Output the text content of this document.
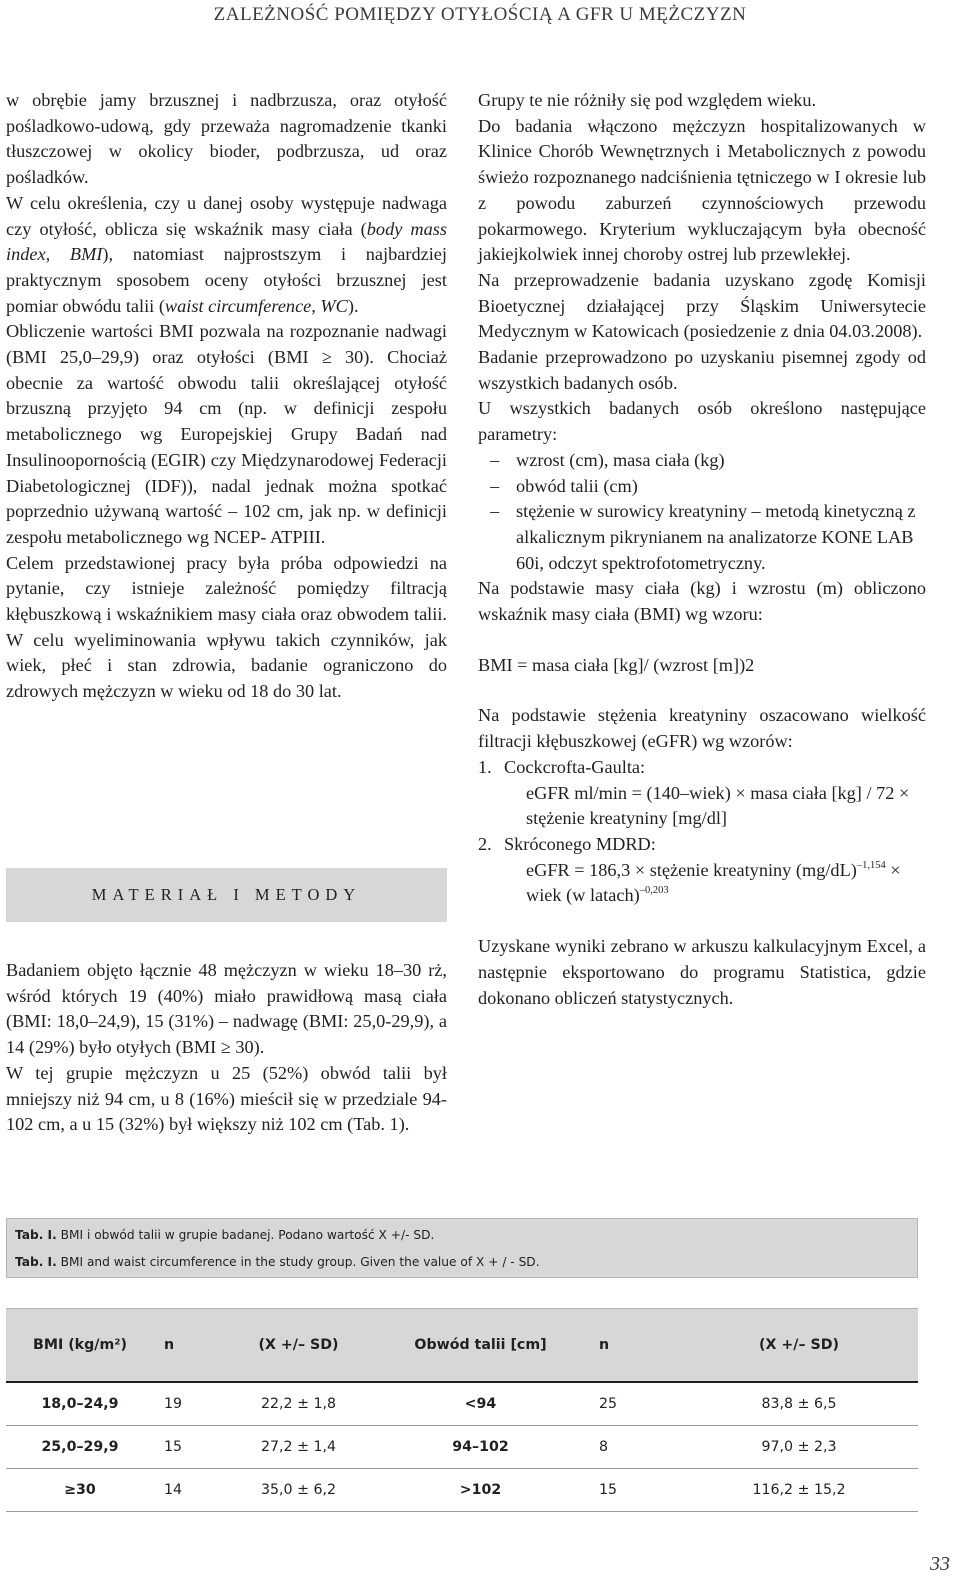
ZALEŻNOŚĆ POMIĘDZY OTYŁOŚCIĄ A GFR U MĘŻCZYZN

w obrębie jamy brzusznej i nadbrzusza, oraz otyłość pośladkowo-udową, gdy przeważa nagromadzenie tkanki tłuszczowej w okolicy bioder, podbrzusza, ud oraz pośladków.

W celu określenia, czy u danej osoby występuje nadwaga czy otyłość, oblicza się wskaźnik masy ciała (body mass index, BMI), natomiast najprostszym i najbardziej praktycznym sposobem oceny otyłości brzusznej jest pomiar obwódu talii (waist circumference, WC).

Obliczenie wartości BMI pozwala na rozpoznanie nadwagi (BMI 25,0–29,9) oraz otyłości (BMI ≥ 30). Chociaż obecnie za wartość obwodu talii określającej otyłość brzuszną przyjęto 94 cm (np. w definicji zespołu metabolicznego wg Europejskiej Grupy Badań nad Insulinoopornością (EGIR) czy Międzynarodowej Federacji Diabetologicznej (IDF)), nadal jednak można spotkać poprzednio używaną wartość – 102 cm, jak np. w definicji zespołu metabolicznego wg NCEP- ATPIII.

Celem przedstawionej pracy była próba odpowiedzi na pytanie, czy istnieje zależność pomiędzy filtracją kłębuszkową i wskaźnikiem masy ciała oraz obwodem talii. W celu wyeliminowania wpływu takich czynników, jak wiek, płeć i stan zdrowia, badanie ograniczono do zdrowych mężczyzn w wieku od 18 do 30 lat.

MATERIAŁ I METODY

Badaniem objęto łącznie 48 mężczyzn w wieku 18–30 rż, wśród których 19 (40%) miało prawidłową masą ciała (BMI: 18,0–24,9), 15 (31%) – nadwagę (BMI: 25,0-29,9), a 14 (29%) było otyłych (BMI ≥ 30).

W tej grupie mężczyzn u 25 (52%) obwód talii był mniejszy niż 94 cm, u 8 (16%) mieścił się w przedziale 94-102 cm, a u 15 (32%) był większy niż 102 cm (Tab. 1).

Grupy te nie różniły się pod względem wieku.

Do badania włączono mężczyzn hospitalizowanych w Klinice Chorób Wewnętrznych i Metabolicznych z powodu świeżo rozpoznanego nadciśnienia tętniczego w I okresie lub z powodu zaburzeń czynnościowych przewodu pokarmowego. Kryterium wykluczającym była obecność jakiejkolwiek innej choroby ostrej lub przewlekłej.

Na przeprowadzenie badania uzyskano zgodę Komisji Bioetycznej działającej przy Śląskim Uniwersytecie Medycznym w Katowicach (posiedzenie z dnia 04.03.2008).

Badanie przeprowadzono po uzyskaniu pisemnej zgody od wszystkich badanych osób.

U wszystkich badanych osób określono następujące parametry:

– wzrost (cm), masa ciała (kg)

– obwód talii (cm)

– stężenie w surowicy kreatyniny – metodą kinetyczną z alkalicznym pikrynianem na analizatorze KONE LAB 60i, odczyt spektrofotometryczny.

Na podstawie masy ciała (kg) i wzrostu (m) obliczono wskaźnik masy ciała (BMI) wg wzoru:

BMI = masa ciała [kg]/ (wzrost [m])2

Na podstawie stężenia kreatyniny oszacowano wielkość filtracji kłębuszkowej (eGFR) wg wzorów:

1. Cockcrofta-Gaulta:

eGFR ml/min = (140–wiek) × masa ciała [kg] / 72 × stężenie kreatyniny [mg/dl]

2. Skróconego MDRD:

eGFR = 186,3 × stężenie kreatyniny $(mg/dL)^{-1,154}$ × wiek (w latach)$^{-0,203}$

Uzyskane wyniki zebrano w arkuszu kalkulacyjnym Excel, a następnie eksportowano do programu Statistica, gdzie dokonano obliczeń statystycznych.

Tab. I. BMI i obwód talii w grupie badanej. Podano wartość X +/- SD.
Tab. I. BMI and waist circumference in the study group. Given the value of X + / - SD.
BMI (kg/m²)	n	(X +/– SD)	Obwód talii [cm]	n	(X +/– SD)
18,0–24,9	19	22,2 ± 1,8	<94	25	83,8 ± 6,5
25,0–29,9	15	27,2 ± 1,4	94–102	8	97,0 ± 2,3
≥30	14	35,0 ± 6,2	>102	15	116,2 ± 15,2
33
